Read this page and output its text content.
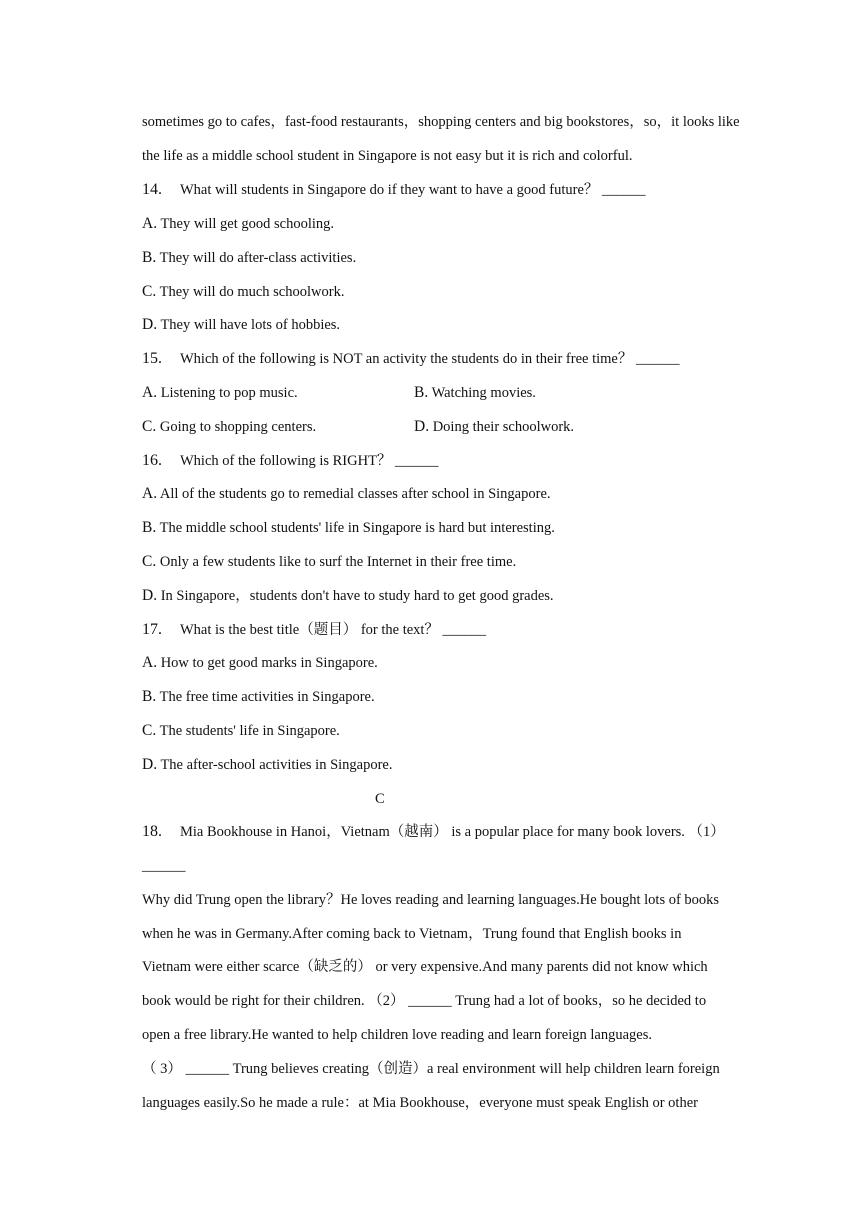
sometimes go to cafes，fast-food restaurants，shopping centers and big bookstores，so，it looks like
the life as a middle school student in Singapore is not easy but it is rich and colorful.
14. What will students in Singapore do if they want to have a good future？ ______
A. They will get good schooling.
B. They will do after-class activities.
C. They will do much schoolwork.
D. They will have lots of hobbies.
15. Which of the following is NOT an activity the students do in their free time？ ______
A. Listening to pop music.	B. Watching movies.
C. Going to shopping centers.	D. Doing their schoolwork.
16. Which of the following is RIGHT？ ______
A. All of the students go to remedial classes after school in Singapore.
B. The middle school students' life in Singapore is hard but interesting.
C. Only a few students like to surf the Internet in their free time.
D. In Singapore，students don't have to study hard to get good grades.
17. What is the best title（题目） for the text？ ______
A. How to get good marks in Singapore.
B. The free time activities in Singapore.
C. The students' life in Singapore.
D. The after-school activities in Singapore.
C
18. Mia Bookhouse in Hanoi，Vietnam（越南） is a popular place for many book lovers. （1）
______
Why did Trung open the library？He loves reading and learning languages.He bought lots of books
when he was in Germany.After coming back to Vietnam，Trung found that English books in
Vietnam were either scarce（缺乏的） or very expensive.And many parents did not know which
book would be right for their children. （2） ______ Trung had a lot of books，so he decided to
open a free library.He wanted to help children love reading and learn foreign languages.
（ 3） ______ Trung believes creating（创造）a real environment will help children learn foreign
languages easily.So he made a rule：at Mia Bookhouse，everyone must speak English or other
